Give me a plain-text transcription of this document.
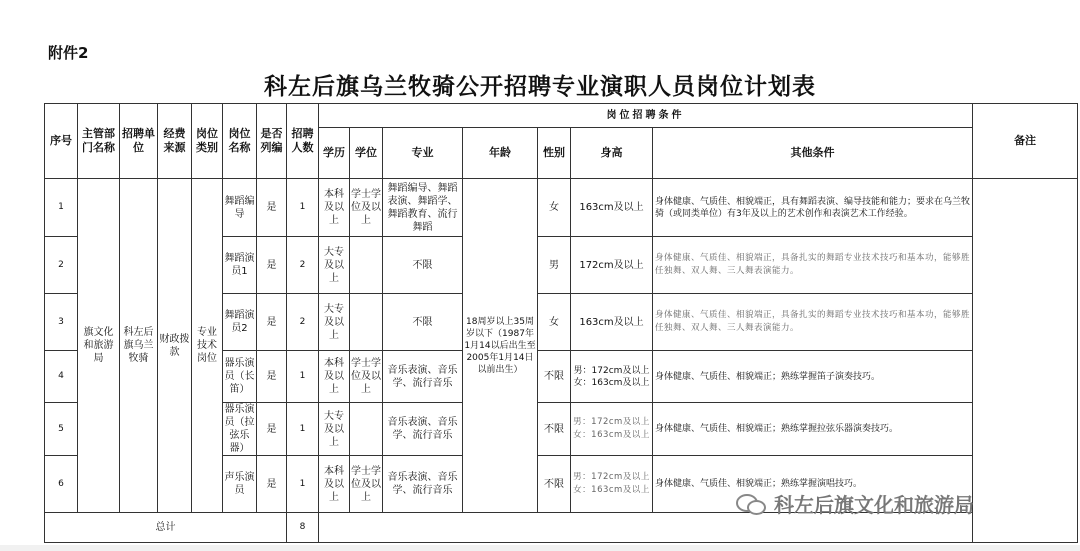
附件2
科左后旗乌兰牧骑公开招聘专业演职人员岗位计划表
序号	主管部门名称	招聘单位	经费来源	岗位类别	岗位名称	是否列编	招聘人数	岗位招聘条件							备注
								学历	学位	专业	年龄	性别	身高	其他条件	
1	旗文化和旅游局	科左后旗乌兰牧骑	财政拨款	专业技术岗位	舞蹈编导	是	1	本科及以上	学士学位及以上	舞蹈编导、舞蹈表演、舞蹈学、舞蹈教育、流行舞蹈	18周岁以上35周岁以下（1987年1月14以后出生至2005年1月14日以前出生）	女	163cm及以上	身体健康、气质佳、相貌端正，具有舞蹈表演、编导技能和能力；要求在乌兰牧骑（或同类单位）有3年及以上的艺术创作和表演艺术工作经验。	
2					舞蹈演员1	是	2	大专及以上		不限		男	172cm及以上	身体健康、气质佳、相貌端正，具备扎实的舞蹈专业技术技巧和基本功，能够胜任独舞、双人舞、三人舞表演能力。	
3					舞蹈演员2	是	2	大专及以上		不限		女	163cm及以上	身体健康、气质佳、相貌端正，具备扎实的舞蹈专业技术技巧和基本功，能够胜任独舞、双人舞、三人舞表演能力。	
4					器乐演员（长笛）	是	1	本科及以上	学士学位及以上	音乐表演、音乐学、流行音乐		不限	男：172cm及以上
女：163cm及以上	身体健康、气质佳、相貌端正；熟练掌握笛子演奏技巧。	
5					器乐演员（拉弦乐器）	是	1	大专及以上		音乐表演、音乐学、流行音乐		不限	男：172cm及以上
女：163cm及以上	身体健康、气质佳、相貌端正；熟练掌握拉弦乐器演奏技巧。	
6					声乐演员	是	1	本科及以上	学士学位及以上	音乐表演、音乐学、流行音乐		不限	男：172cm及以上
女：163cm及以上	身体健康、气质佳、相貌端正；熟练掌握演唱技巧。	
总计							8								
科左后旗文化和旅游局
